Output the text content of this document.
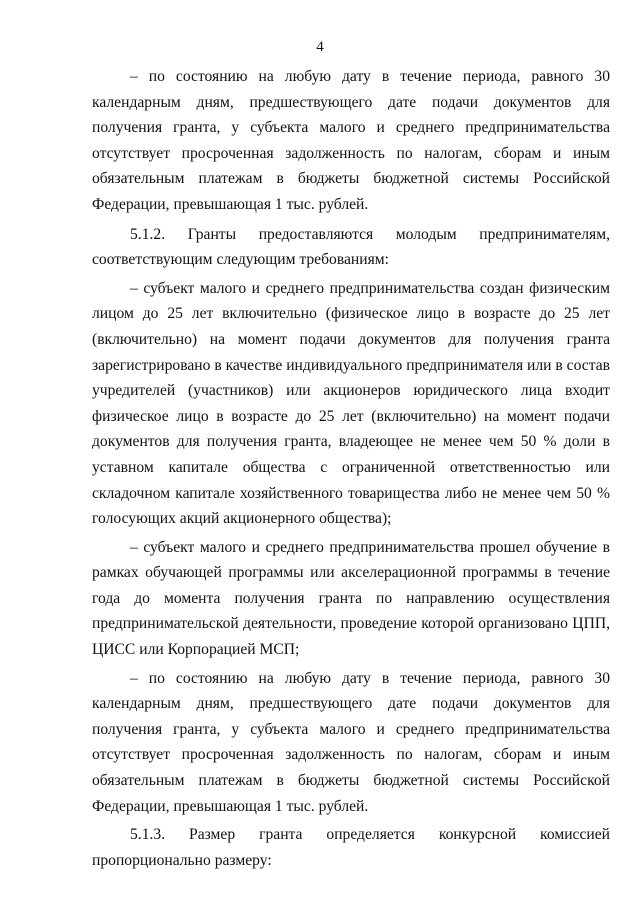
4

– по состоянию на любую дату в течение периода, равного 30 календарным дням, предшествующего дате подачи документов для получения гранта, у субъекта малого и среднего предпринимательства отсутствует просроченная задолженность по налогам, сборам и иным обязательным платежам в бюджеты бюджетной системы Российской Федерации, превышающая 1 тыс. рублей.

5.1.2. Гранты предоставляются молодым предпринимателям, соответствующим следующим требованиям:

– субъект малого и среднего предпринимательства создан физическим лицом до 25 лет включительно (физическое лицо в возрасте до 25 лет (включительно) на момент подачи документов для получения гранта зарегистрировано в качестве индивидуального предпринимателя или в состав учредителей (участников) или акционеров юридического лица входит физическое лицо в возрасте до 25 лет (включительно) на момент подачи документов для получения гранта, владеющее не менее чем 50 % доли в уставном капитале общества с ограниченной ответственностью или складочном капитале хозяйственного товарищества либо не менее чем 50 % голосующих акций акционерного общества);

– субъект малого и среднего предпринимательства прошел обучение в рамках обучающей программы или акселерационной программы в течение года до момента получения гранта по направлению осуществления предпринимательской деятельности, проведение которой организовано ЦПП, ЦИСС или Корпорацией МСП;

– по состоянию на любую дату в течение периода, равного 30 календарным дням, предшествующего дате подачи документов для получения гранта, у субъекта малого и среднего предпринимательства отсутствует просроченная задолженность по налогам, сборам и иным обязательным платежам в бюджеты бюджетной системы Российской Федерации, превышающая 1 тыс. рублей.

5.1.3. Размер гранта определяется конкурсной комиссией пропорционально размеру:
